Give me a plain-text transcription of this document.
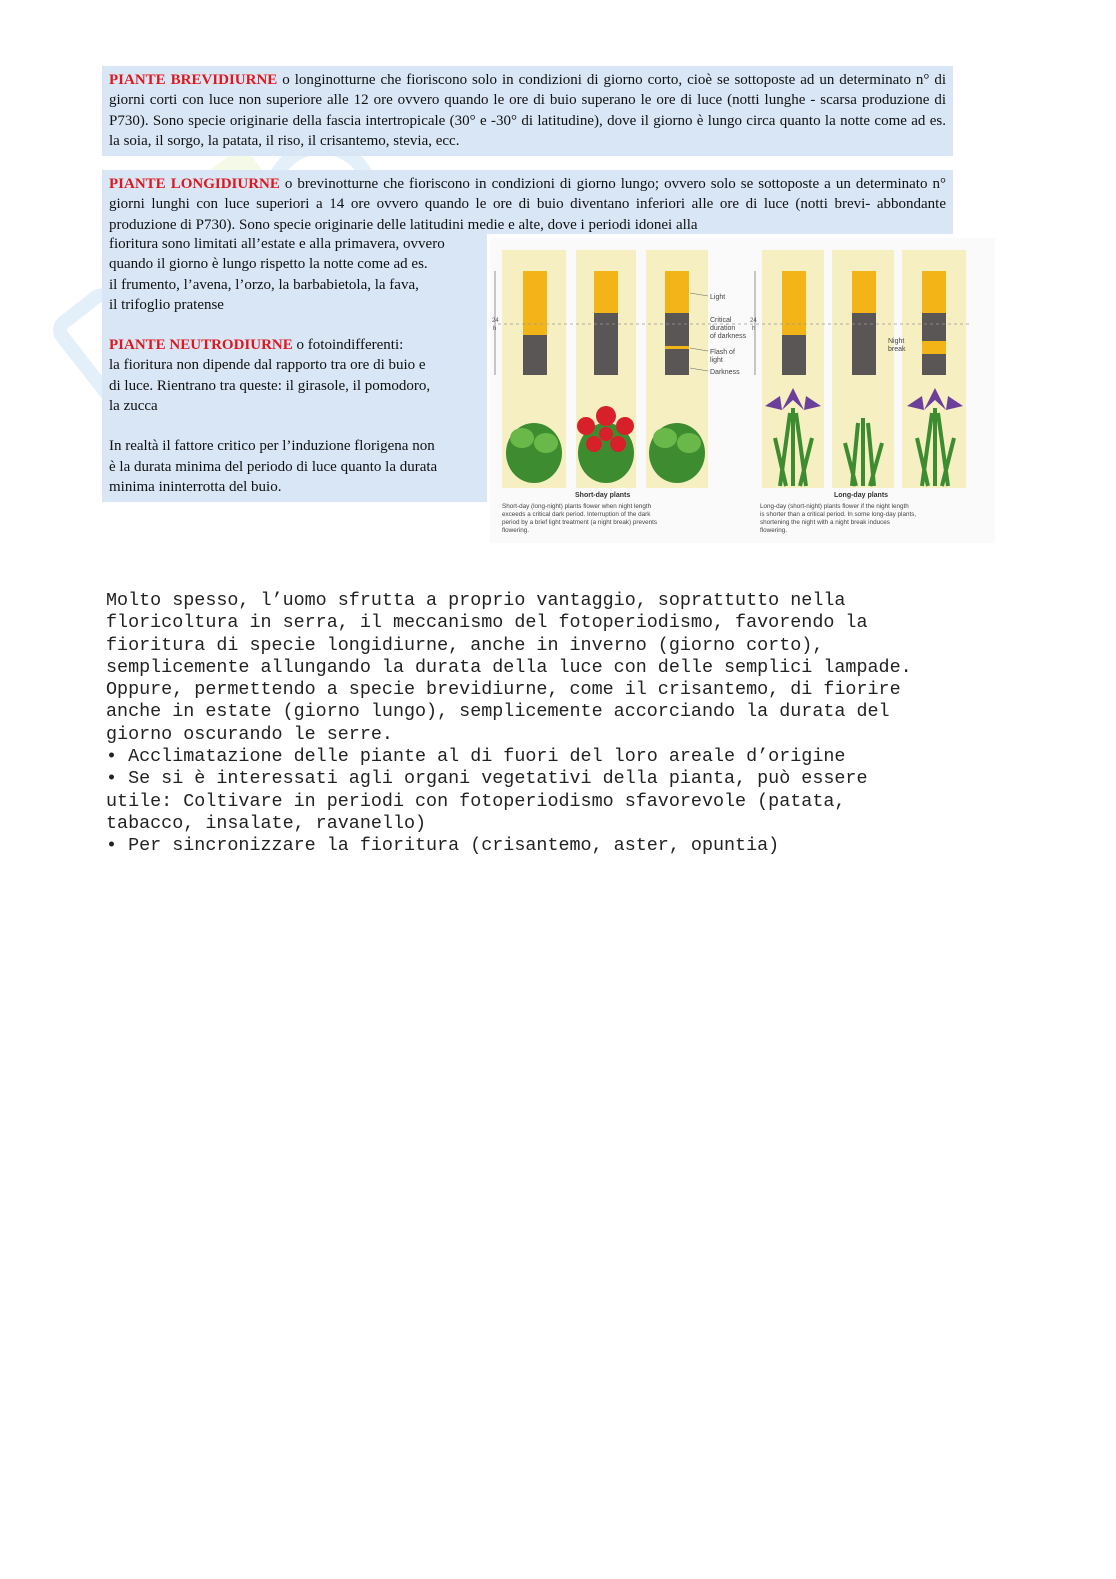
PIANTE BREVIDIURNE o longinotturne che fioriscono solo in condizioni di giorno corto, cioè se sottoposte ad un determinato n° di giorni corti con luce non superiore alle 12 ore ovvero quando le ore di buio superano le ore di luce (notti lunghe - scarsa produzione di P730). Sono specie originarie della fascia intertropicale (30° e -30° di latitudine), dove il giorno è lungo circa quanto la notte come ad es. la soia, il sorgo, la patata, il riso, il crisantemo, stevia, ecc.
PIANTE LONGIDIURNE o brevinotturne che fioriscono in condizioni di giorno lungo; ovvero solo se sottoposte a un determinato n° giorni lunghi con luce superiori a 14 ore ovvero quando le ore di buio diventano inferiori alle ore di luce (notti brevi- abbondante produzione di P730). Sono specie originarie delle latitudini medie e alte, dove i periodi idonei alla

fioritura sono limitati all’estate e alla primavera, ovvero

quando il giorno è lungo rispetto la notte come ad es.

il frumento, l’avena, l’orzo, la barbabietola, la fava,

il trifoglio pratense

PIANTE NEUTRODIURNE o fotoindifferenti:

la fioritura non dipende dal rapporto tra ore di buio e

di luce. Rientrano tra queste: il girasole, il pomodoro,

la zucca

In realtà il fattore critico per l’induzione florigena non

è la durata minima del periodo di luce quanto la durata

minima ininterrotta del buio.

24
h
24
h
Light
Critical
duration
of darkness
Flash of
light
Darkness
Night
break
Short-day plants
Short-day (long-night) plants flower when night length
exceeds a critical dark period. Interruption of the dark
period by a brief light treatment (a night break) prevents
flowering.
Long-day plants
Long-day (short-night) plants flower if the night length
is shorter than a critical period. In some long-day plants,
shortening the night with a night break induces
flowering.

Molto spesso, l’uomo sfrutta a proprio vantaggio, soprattutto nella
floricoltura in serra, il meccanismo del fotoperiodismo, favorendo la
fioritura di specie longidiurne, anche in inverno (giorno corto),
semplicemente allungando la durata della luce con delle semplici lampade.
Oppure, permettendo a specie brevidiurne, come il crisantemo, di fiorire
anche in estate (giorno lungo), semplicemente accorciando la durata del
giorno oscurando le serre.

• Acclimatazione delle piante al di fuori del loro areale d’origine

• Se si è interessati agli organi vegetativi della pianta, può essere
utile: Coltivare in periodi con fotoperiodismo sfavorevole (patata,
tabacco, insalate, ravanello)

• Per sincronizzare la fioritura (crisantemo, aster, opuntia)
